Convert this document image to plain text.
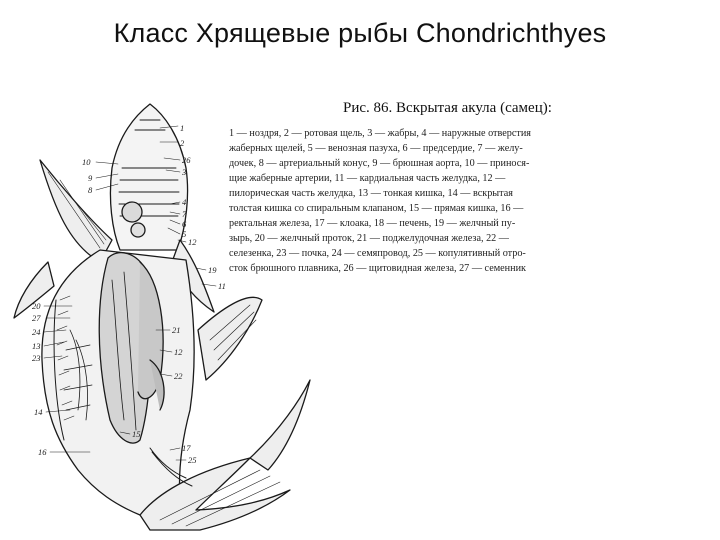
Класс Хрящевые рыбы Chondrichthyes
1
2
26
3
10
9
8
4
7
6
5
12
19
11
20
27
24
13
23
21
12
22
14
15
16	17
25
Рис. 86. Вскрытая акула (самец):
1 — ноздря, 2 — ротовая щель, 3 — жабры, 4 — наружные отверстия
жаберных щелей, 5 — венозная пазуха, 6 — предсердие, 7 — желу-
дочек, 8 — артериальный конус, 9 — брюшная аорта, 10 — принося-
щие жаберные артерии, 11 — кардиальная часть желудка, 12 —
пилорическая часть желудка, 13 — тонкая кишка, 14 — вскрытая
толстая кишка со спиральным клапаном, 15 — прямая кишка, 16 —
ректальная железа, 17 — клоака, 18 — печень, 19 — желчный пу-
зырь, 20 — желчный проток, 21 — поджелудочная железа, 22 —
селезенка, 23 — почка, 24 — семяпровод, 25 — копулятивный отро-
сток брюшного плавника, 26 — щитовидная железа, 27 — семенник
